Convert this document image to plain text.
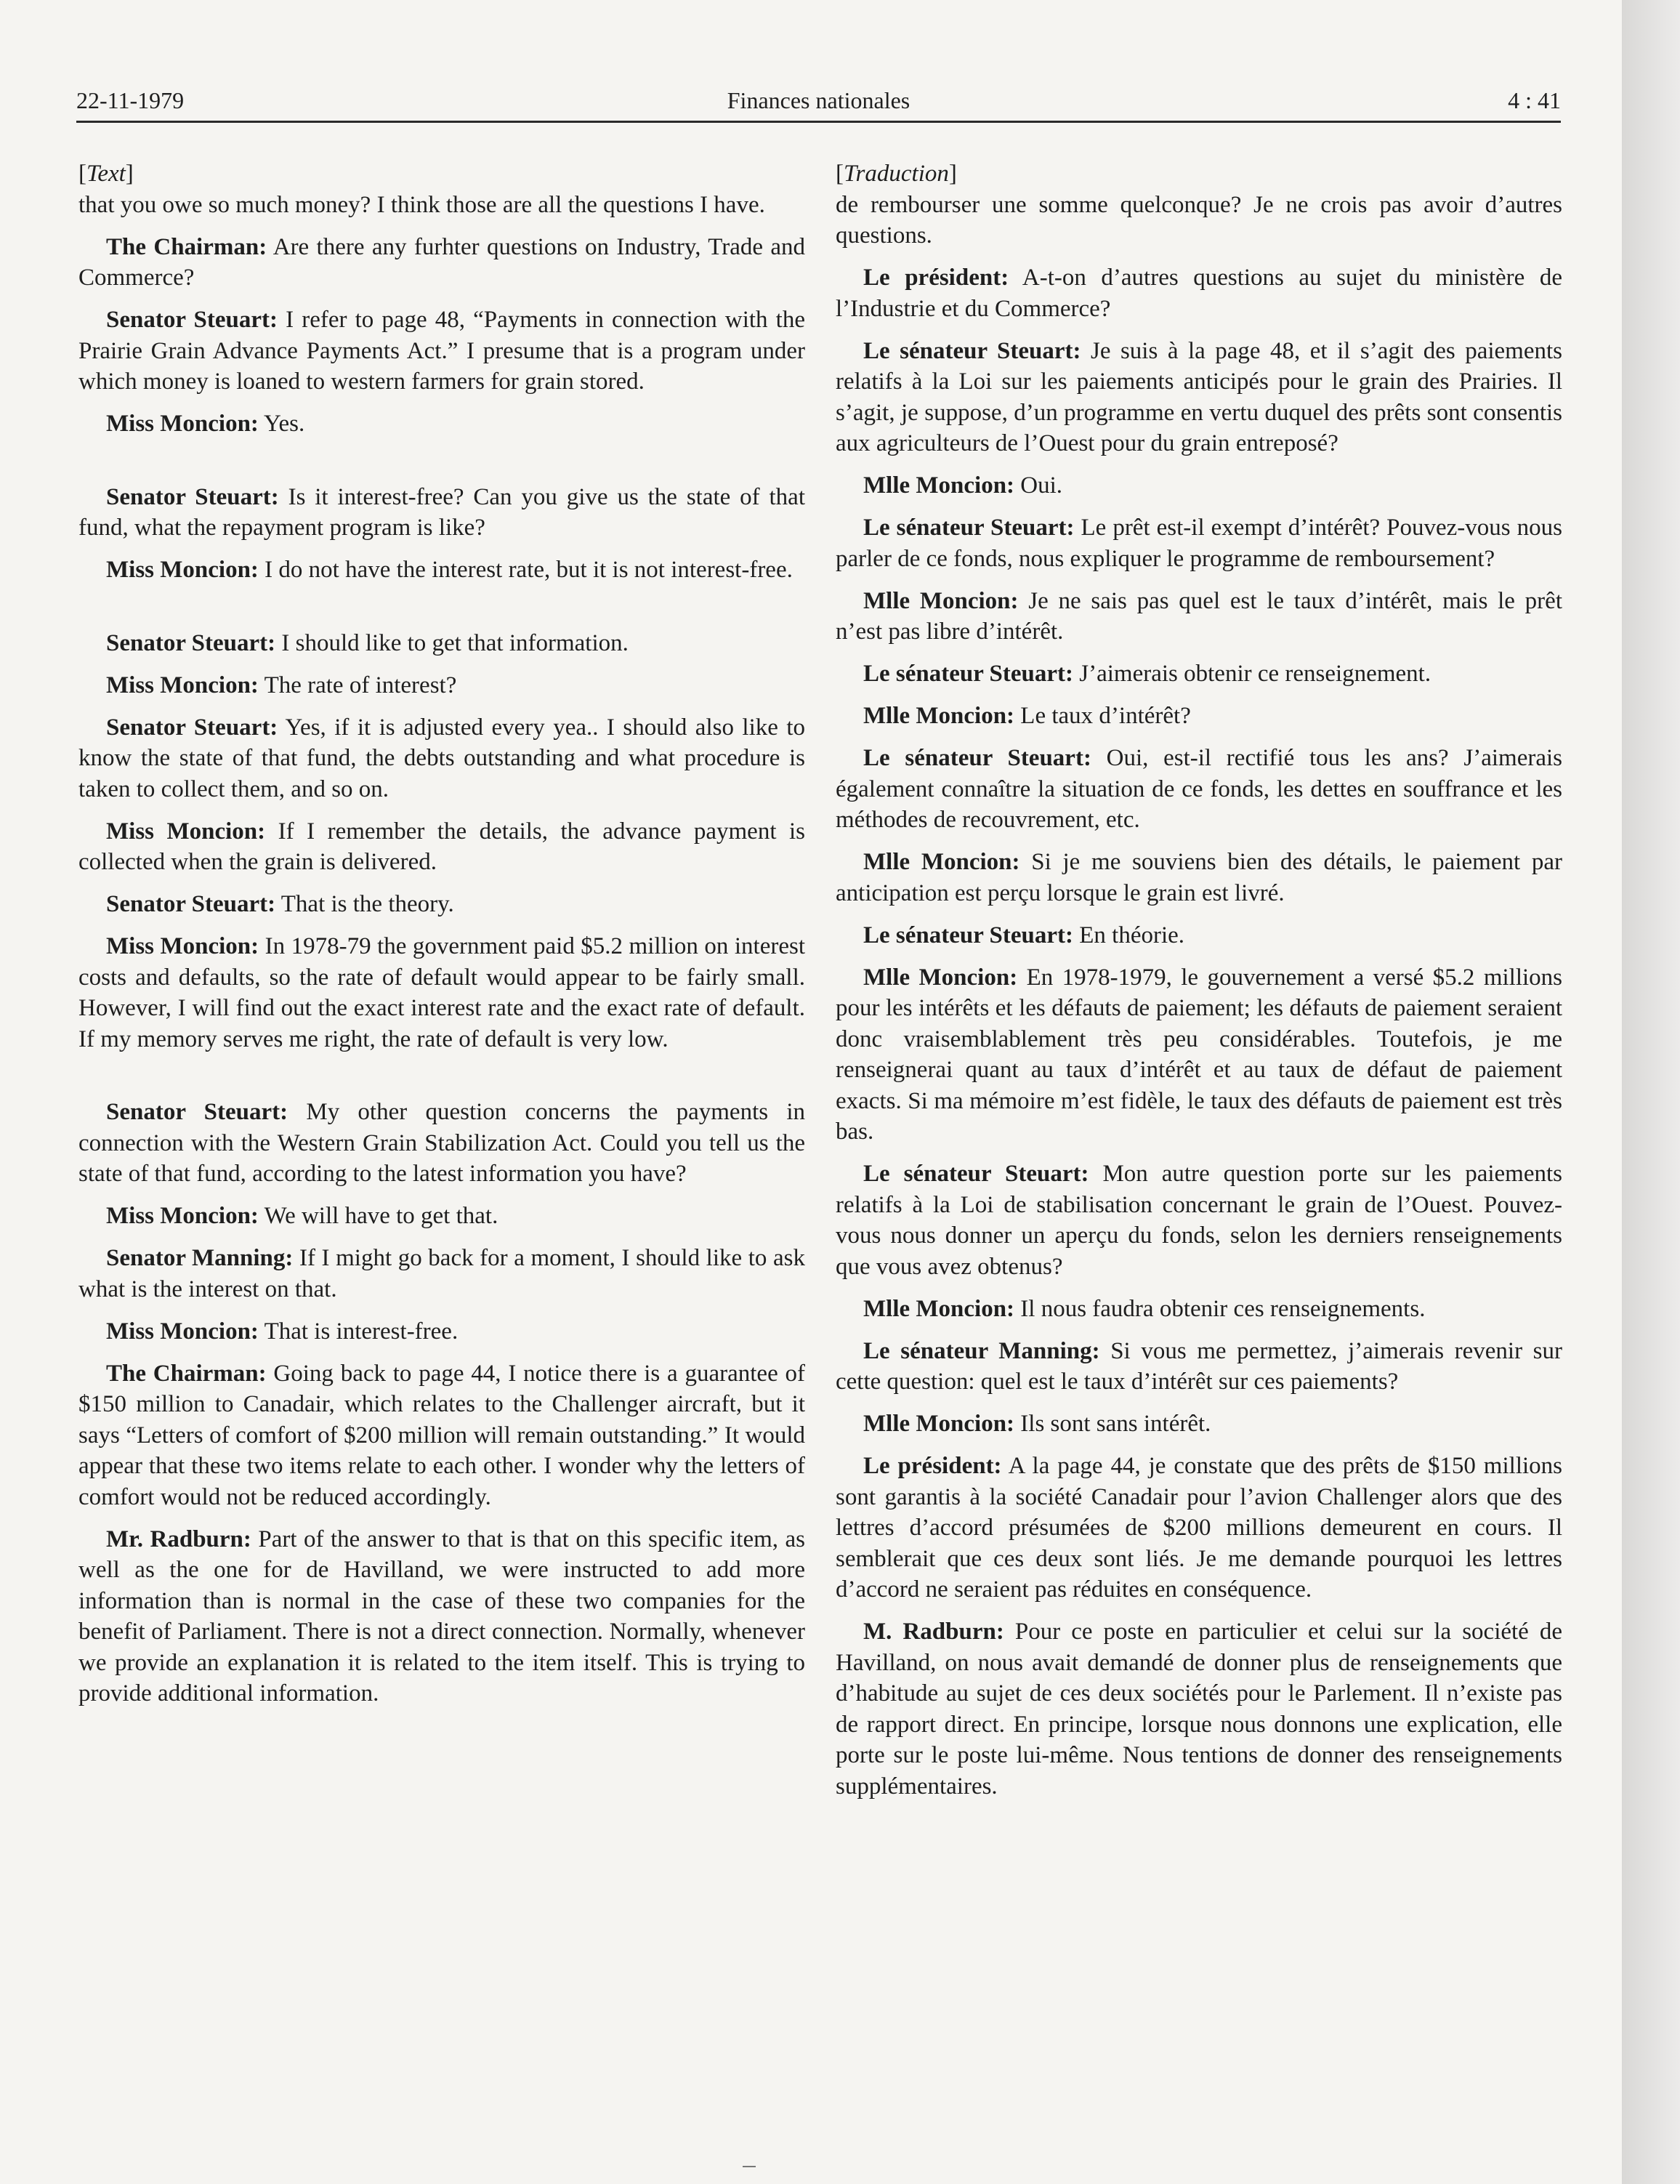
22-11-1979	Finances nationales	4 : 41
[Text]
that you owe so much money? I think those are all the questions I have.
The Chairman: Are there any furhter questions on Industry, Trade and Commerce?
Senator Steuart: I refer to page 48, “Payments in connection with the Prairie Grain Advance Payments Act.” I presume that is a program under which money is loaned to western farmers for grain stored.
Miss Moncion: Yes.
Senator Steuart: Is it interest-free? Can you give us the state of that fund, what the repayment program is like?
Miss Moncion: I do not have the interest rate, but it is not interest-free.
Senator Steuart: I should like to get that information.
Miss Moncion: The rate of interest?
Senator Steuart: Yes, if it is adjusted every yea.. I should also like to know the state of that fund, the debts outstanding and what procedure is taken to collect them, and so on.
Miss Moncion: If I remember the details, the advance payment is collected when the grain is delivered.
Senator Steuart: That is the theory.
Miss Moncion: In 1978-79 the government paid $5.2 million on interest costs and defaults, so the rate of default would appear to be fairly small. However, I will find out the exact interest rate and the exact rate of default. If my memory serves me right, the rate of default is very low.
Senator Steuart: My other question concerns the payments in connection with the Western Grain Stabilization Act. Could you tell us the state of that fund, according to the latest information you have?
Miss Moncion: We will have to get that.
Senator Manning: If I might go back for a moment, I should like to ask what is the interest on that.
Miss Moncion: That is interest-free.
The Chairman: Going back to page 44, I notice there is a guarantee of $150 million to Canadair, which relates to the Challenger aircraft, but it says “Letters of comfort of $200 million will remain outstanding.” It would appear that these two items relate to each other. I wonder why the letters of comfort would not be reduced accordingly.
Mr. Radburn: Part of the answer to that is that on this specific item, as well as the one for de Havilland, we were instructed to add more information than is normal in the case of these two companies for the benefit of Parliament. There is not a direct connection. Normally, whenever we provide an explanation it is related to the item itself. This is trying to provide additional information.
[Traduction]
de rembourser une somme quelconque? Je ne crois pas avoir d’autres questions.
Le président: A-t-on d’autres questions au sujet du ministère de l’Industrie et du Commerce?
Le sénateur Steuart: Je suis à la page 48, et il s’agit des paiements relatifs à la Loi sur les paiements anticipés pour le grain des Prairies. Il s’agit, je suppose, d’un programme en vertu duquel des prêts sont consentis aux agriculteurs de l’Ouest pour du grain entreposé?
Mlle Moncion: Oui.
Le sénateur Steuart: Le prêt est-il exempt d’intérêt? Pouvez-vous nous parler de ce fonds, nous expliquer le programme de remboursement?
Mlle Moncion: Je ne sais pas quel est le taux d’intérêt, mais le prêt n’est pas libre d’intérêt.
Le sénateur Steuart: J’aimerais obtenir ce renseignement.
Mlle Moncion: Le taux d’intérêt?
Le sénateur Steuart: Oui, est-il rectifié tous les ans? J’aimerais également connaître la situation de ce fonds, les dettes en souffrance et les méthodes de recouvrement, etc.
Mlle Moncion: Si je me souviens bien des détails, le paiement par anticipation est perçu lorsque le grain est livré.
Le sénateur Steuart: En théorie.
Mlle Moncion: En 1978-1979, le gouvernement a versé $5.2 millions pour les intérêts et les défauts de paiement; les défauts de paiement seraient donc vraisemblablement très peu considérables. Toutefois, je me renseignerai quant au taux d’intérêt et au taux de défaut de paiement exacts. Si ma mémoire m’est fidèle, le taux des défauts de paiement est très bas.
Le sénateur Steuart: Mon autre question porte sur les paiements relatifs à la Loi de stabilisation concernant le grain de l’Ouest. Pouvez-vous nous donner un aperçu du fonds, selon les derniers renseignements que vous avez obtenus?
Mlle Moncion: Il nous faudra obtenir ces renseignements.
Le sénateur Manning: Si vous me permettez, j’aimerais revenir sur cette question: quel est le taux d’intérêt sur ces paiements?
Mlle Moncion: Ils sont sans intérêt.
Le président: A la page 44, je constate que des prêts de $150 millions sont garantis à la société Canadair pour l’avion Challenger alors que des lettres d’accord présumées de $200 millions demeurent en cours. Il semblerait que ces deux sont liés. Je me demande pourquoi les lettres d’accord ne seraient pas réduites en conséquence.
M. Radburn: Pour ce poste en particulier et celui sur la société de Havilland, on nous avait demandé de donner plus de renseignements que d’habitude au sujet de ces deux sociétés pour le Parlement. Il n’existe pas de rapport direct. En principe, lorsque nous donnons une explication, elle porte sur le poste lui-même. Nous tentions de donner des renseignements supplémentaires.
